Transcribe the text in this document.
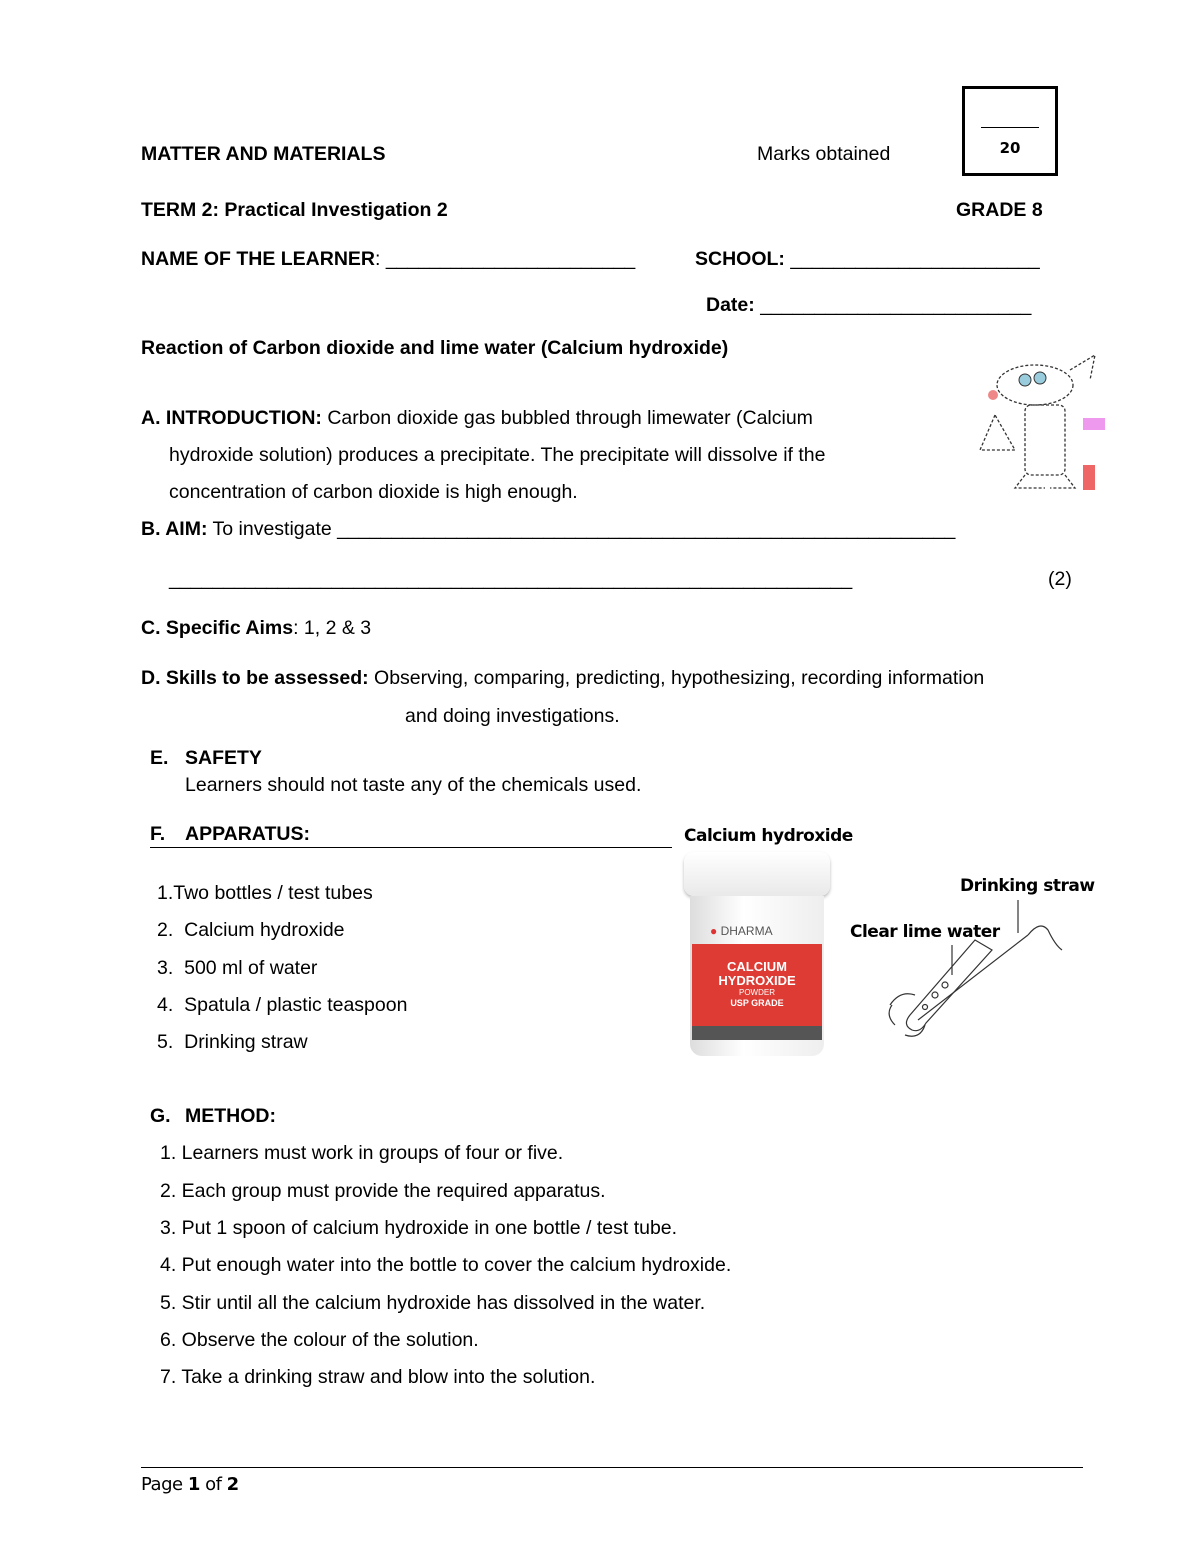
MATTER AND MATERIALS	Marks obtained	20
TERM 2: Practical Investigation 2	GRADE 8
NAME OF THE LEARNER: _______________________	SCHOOL: _______________________
Date: _________________________
Reaction of Carbon dioxide and lime water (Calcium hydroxide)
A. INTRODUCTION: Carbon dioxide gas bubbled through limewater (Calcium
hydroxide solution) produces a precipitate. The precipitate will dissolve if the
concentration of carbon dioxide is high enough.
B. AIM: To investigate _________________________________________________________
_______________________________________________________________	(2)
C. Specific Aims: 1, 2 & 3
D. Skills to be assessed: Observing, comparing, predicting, hypothesizing, recording information
and doing investigations.
E. SAFETY
Learners should not taste any of the chemicals used.
F. APPARATUS:
1.Two bottles / test tubes
2. Calcium hydroxide
3. 500 ml of water
4. Spatula / plastic teaspoon
5. Drinking straw
Calcium hydroxide
● DHARMA
CALCIUM
HYDROXIDE
POWDER
USP GRADE
Drinking straw
Clear lime water
G. METHOD:
1. Learners must work in groups of four or five.
2. Each group must provide the required apparatus.
3. Put 1 spoon of calcium hydroxide in one bottle / test tube.
4. Put enough water into the bottle to cover the calcium hydroxide.
5. Stir until all the calcium hydroxide has dissolved in the water.
6. Observe the colour of the solution.
7. Take a drinking straw and blow into the solution.
Page 1 of 2
